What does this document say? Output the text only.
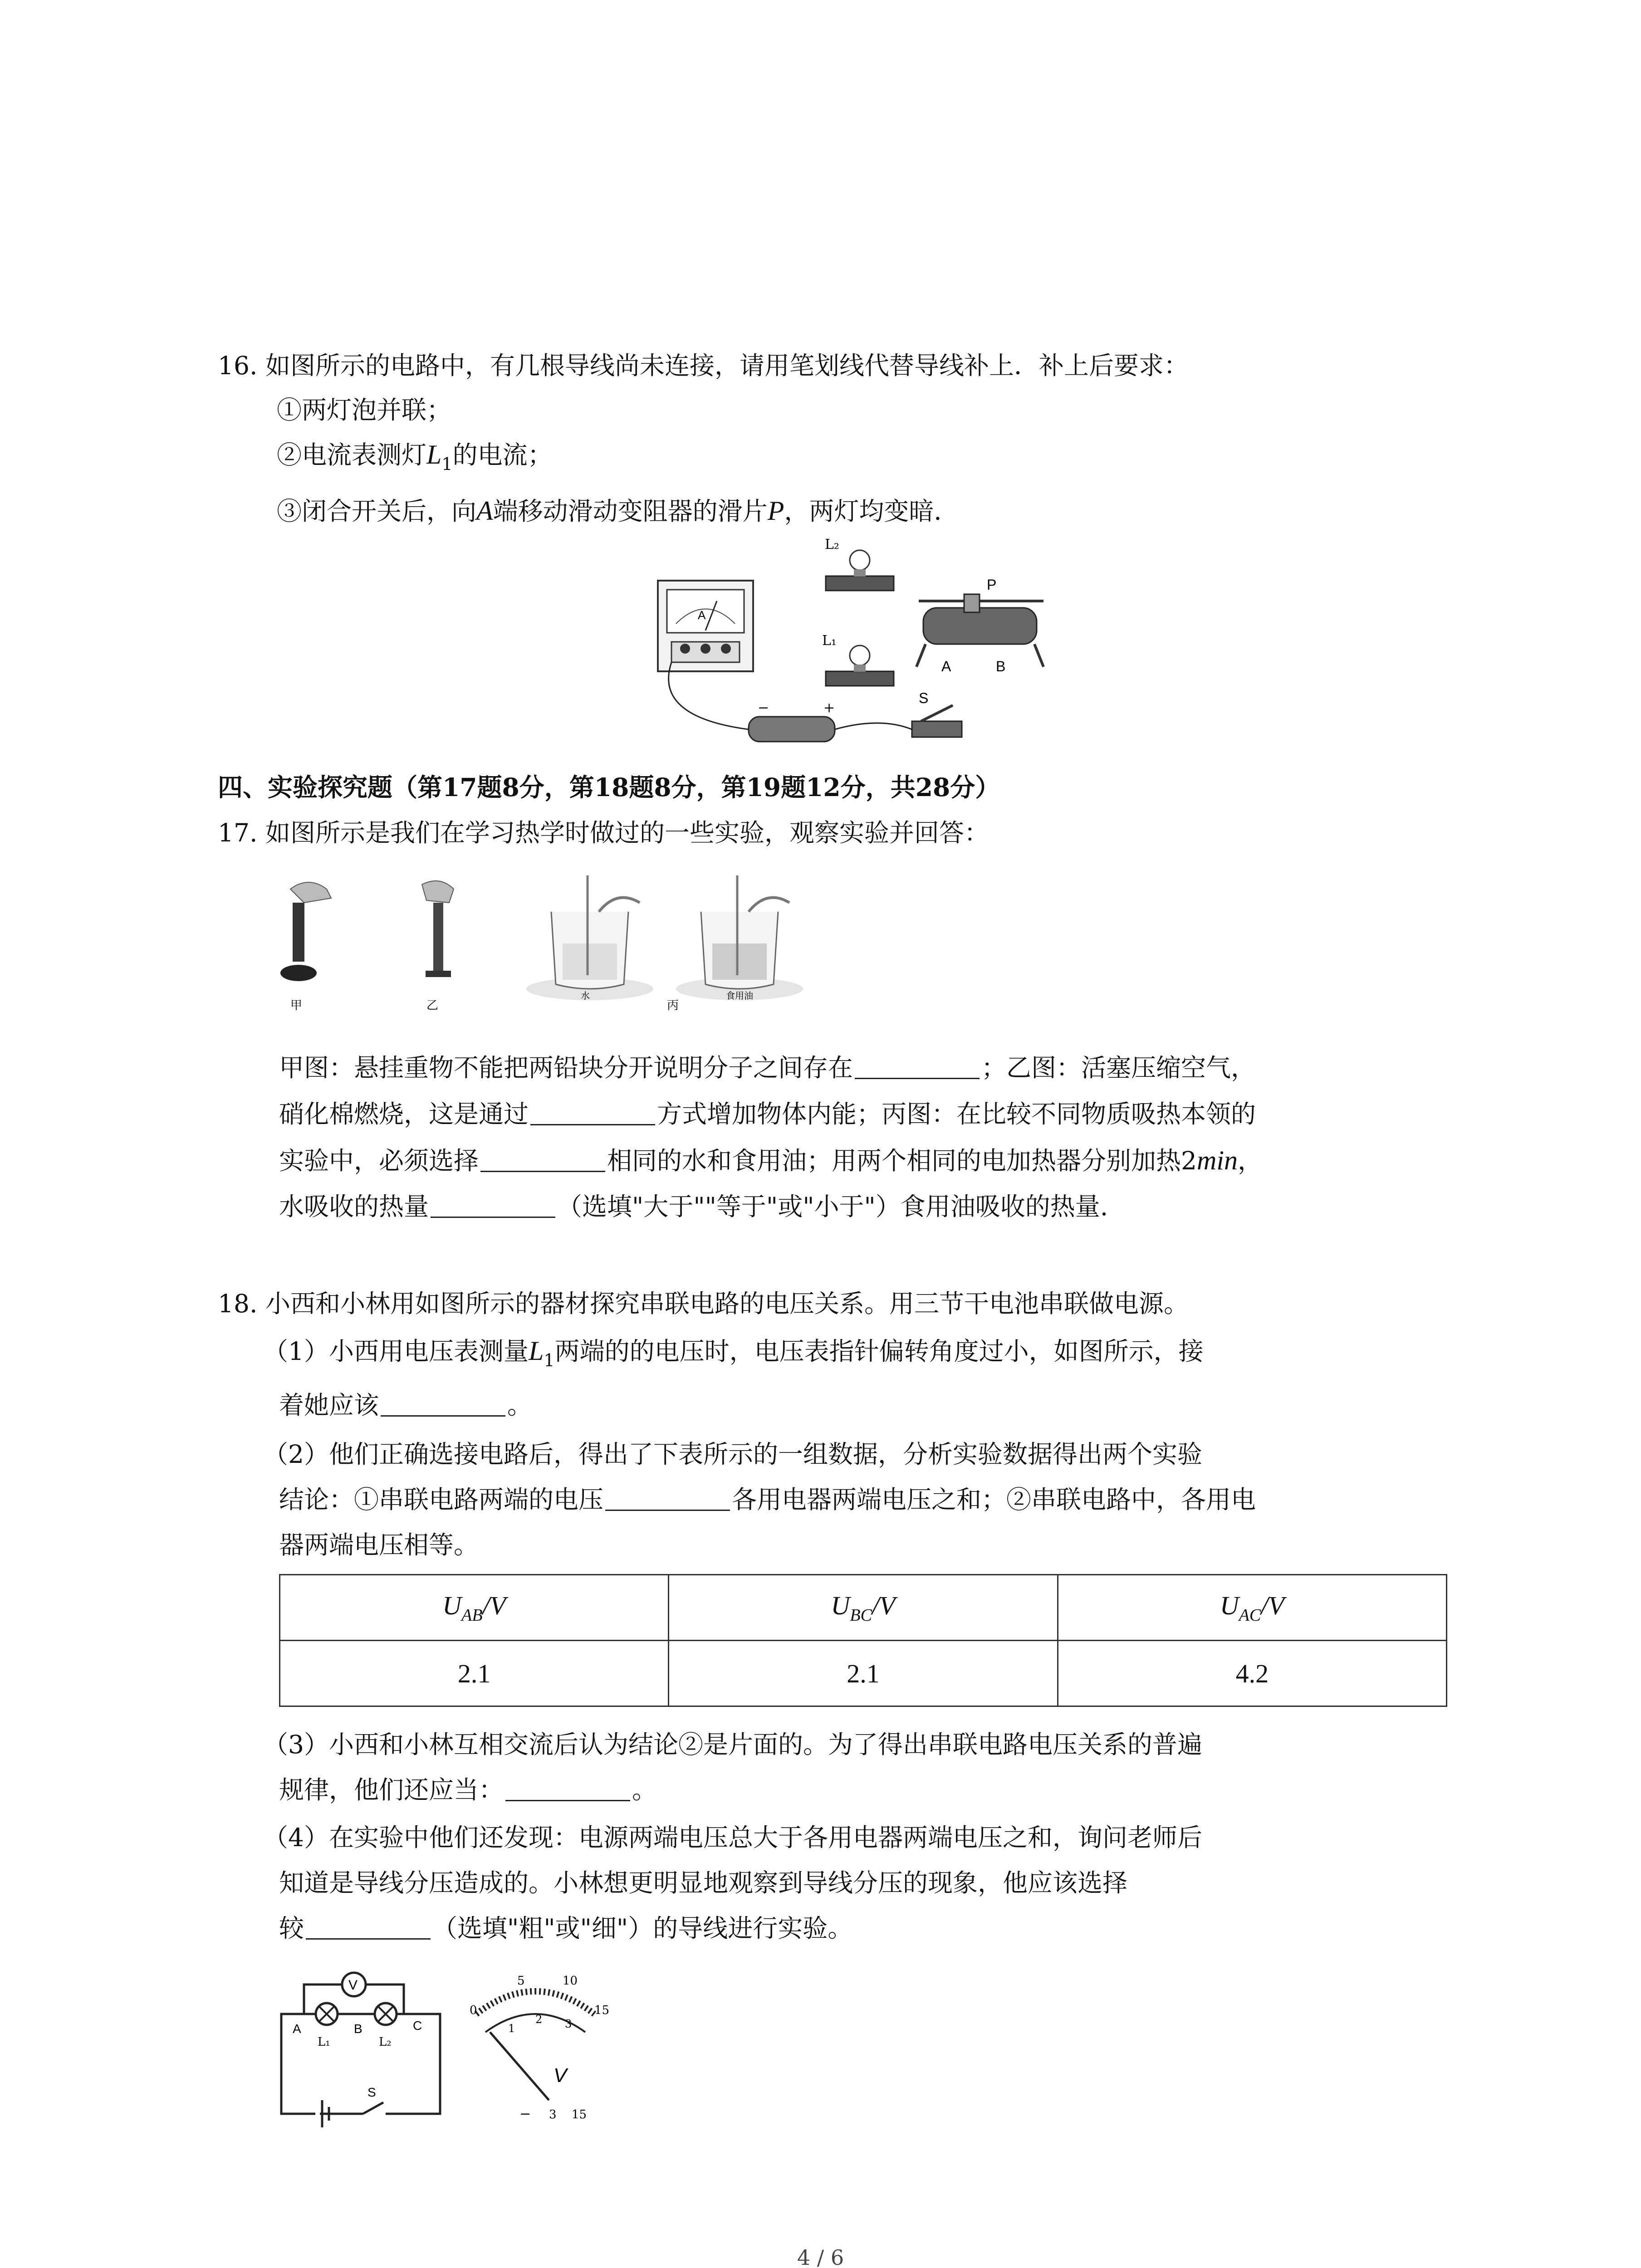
16. 如图所示的电路中，有几根导线尚未连接，请用笔划线代替导线补上．补上后要求：
①两灯泡并联；
②电流表测灯$L_1$的电流；
③闭合开关后，向A端移动滑动变阻器的滑片P，两灯均变暗．
A
L₂
L₁
P
A	B
−	+
S
四、实验探究题（第17题8分，第18题8分，第19题12分，共28分）
17. 如图所示是我们在学习热学时做过的一些实验，观察实验并回答：
甲	乙
水	食用油
丙
甲图：悬挂重物不能把两铅块分开说明分子之间存在	；乙图：活塞压缩空气，
硝化棉燃烧，这是通过	方式增加物体内能；丙图：在比较不同物质吸热本领的
实验中，必须选择	相同的水和食用油；用两个相同的电加热器分别加热2min，
水吸收的热量	（选填"大于""等于"或"小于"）食用油吸收的热量.
18. 小西和小林用如图所示的器材探究串联电路的电压关系。用三节干电池串联做电源。
（1）小西用电压表测量$L_1$两端的的电压时，电压表指针偏转角度过小，如图所示，接
着她应该	。
（2）他们正确选接电路后，得出了下表所示的一组数据，分析实验数据得出两个实验
结论：①串联电路两端的电压	各用电器两端电压之和；②串联电路中，各用电
器两端电压相等。
$U_{AB}/V$	$U_{BC}/V$	$U_{AC}/V$
2.1	2.1	4.2
（3）小西和小林互相交流后认为结论②是片面的。为了得出串联电路电压关系的普遍
规律，他们还应当：	。
（4）在实验中他们还发现：电源两端电压总大于各用电器两端电压之和，询问老师后
知道是导线分压造成的。小林想更明显地观察到导线分压的现象，他应该选择
较	（选填"粗"或"细"）的导线进行实验。
V
A	B	C
L₁	L₂
S
0
5	10
15
1
2 3
V
− 3 15
4 / 6
